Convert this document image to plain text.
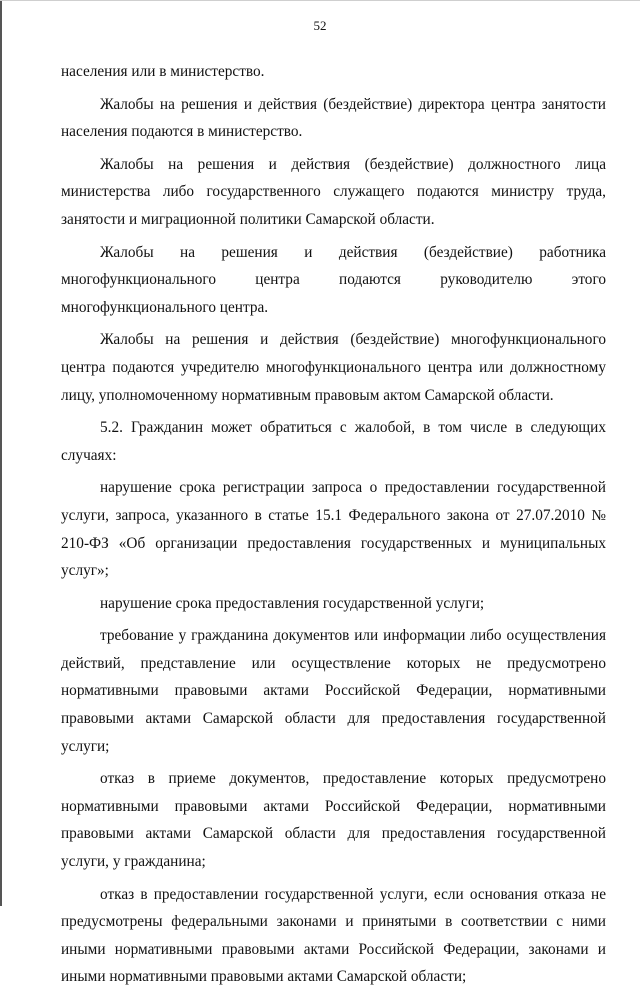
52

населения или в министерство.

Жалобы на решения и действия (бездействие) директора центра занятости населения подаются в министерство.

Жалобы на решения и действия (бездействие) должностного лица министерства либо государственного служащего подаются министру труда, занятости и миграционной политики Самарской области.

Жалобы на решения и действия (бездействие) работника многофункционального центра подаются руководителю этого многофункционального центра.

Жалобы на решения и действия (бездействие) многофункционального центра подаются учредителю многофункционального центра или должностному лицу, уполномоченному нормативным правовым актом Самарской области.

5.2. Гражданин может обратиться с жалобой, в том числе в следующих случаях:

нарушение срока регистрации запроса о предоставлении государственной услуги, запроса, указанного в статье 15.1 Федерального закона от 27.07.2010 № 210-ФЗ «Об организации предоставления государственных и муниципальных услуг»;

нарушение срока предоставления государственной услуги;

требование у гражданина документов или информации либо осуществления действий, представление или осуществление которых не предусмотрено нормативными правовыми актами Российской Федерации, нормативными правовыми актами Самарской области для предоставления государственной услуги;

отказ в приеме документов, предоставление которых предусмотрено нормативными правовыми актами Российской Федерации, нормативными правовыми актами Самарской области для предоставления государственной услуги, у гражданина;

отказ в предоставлении государственной услуги, если основания отказа не предусмотрены федеральными законами и принятыми в соответствии с ними иными нормативными правовыми актами Российской Федерации, законами и иными нормативными правовыми актами Самарской области;
